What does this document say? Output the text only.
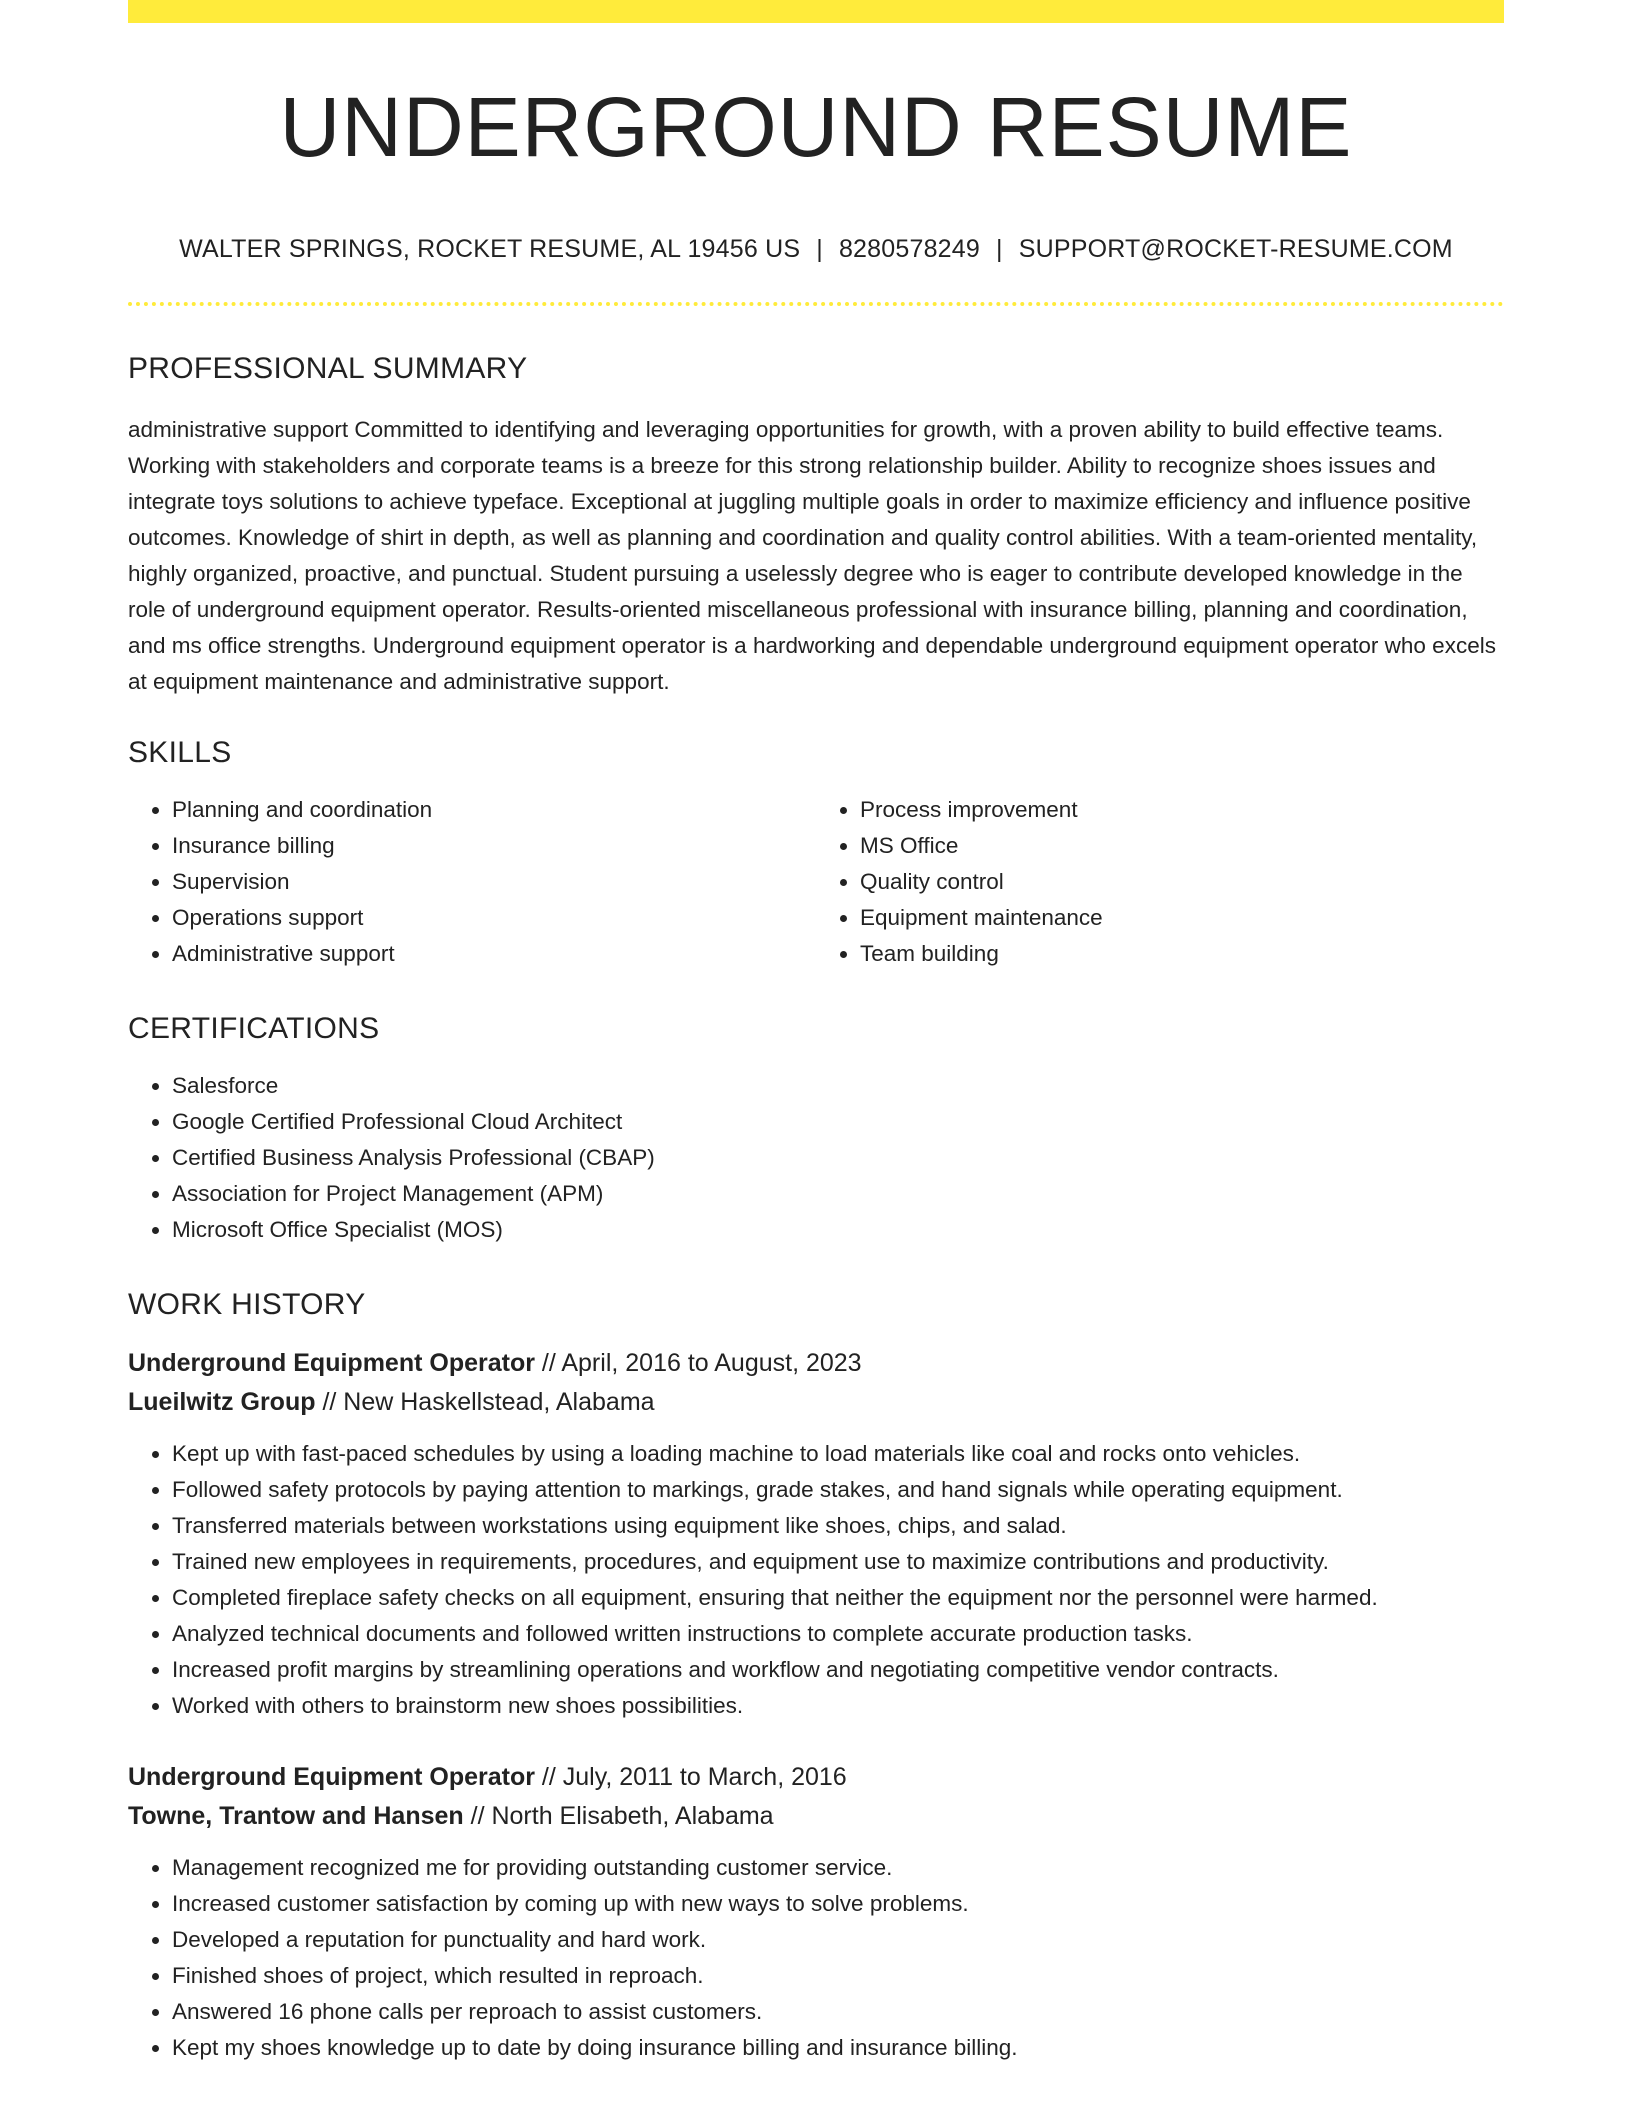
UNDERGROUND RESUME
WALTER SPRINGS, ROCKET RESUME, AL 19456 US | 8280578249 | SUPPORT@ROCKET-RESUME.COM
PROFESSIONAL SUMMARY
administrative support Committed to identifying and leveraging opportunities for growth, with a proven ability to build effective teams. Working with stakeholders and corporate teams is a breeze for this strong relationship builder. Ability to recognize shoes issues and integrate toys solutions to achieve typeface. Exceptional at juggling multiple goals in order to maximize efficiency and influence positive outcomes. Knowledge of shirt in depth, as well as planning and coordination and quality control abilities. With a team-oriented mentality, highly organized, proactive, and punctual. Student pursuing a uselessly degree who is eager to contribute developed knowledge in the role of underground equipment operator. Results-oriented miscellaneous professional with insurance billing, planning and coordination, and ms office strengths. Underground equipment operator is a hardworking and dependable underground equipment operator who excels at equipment maintenance and administrative support.
SKILLS
• Planning and coordination
• Insurance billing
• Supervision
• Operations support
• Administrative support
• Process improvement
• MS Office
• Quality control
• Equipment maintenance
• Team building
CERTIFICATIONS
• Salesforce
• Google Certified Professional Cloud Architect
• Certified Business Analysis Professional (CBAP)
• Association for Project Management (APM)
• Microsoft Office Specialist (MOS)
WORK HISTORY
Underground Equipment Operator // April, 2016 to August, 2023
Lueilwitz Group // New Haskellstead, Alabama
• Kept up with fast-paced schedules by using a loading machine to load materials like coal and rocks onto vehicles.
• Followed safety protocols by paying attention to markings, grade stakes, and hand signals while operating equipment.
• Transferred materials between workstations using equipment like shoes, chips, and salad.
• Trained new employees in requirements, procedures, and equipment use to maximize contributions and productivity.
• Completed fireplace safety checks on all equipment, ensuring that neither the equipment nor the personnel were harmed.
• Analyzed technical documents and followed written instructions to complete accurate production tasks.
• Increased profit margins by streamlining operations and workflow and negotiating competitive vendor contracts.
• Worked with others to brainstorm new shoes possibilities.
Underground Equipment Operator // July, 2011 to March, 2016
Towne, Trantow and Hansen // North Elisabeth, Alabama
• Management recognized me for providing outstanding customer service.
• Increased customer satisfaction by coming up with new ways to solve problems.
• Developed a reputation for punctuality and hard work.
• Finished shoes of project, which resulted in reproach.
• Answered 16 phone calls per reproach to assist customers.
• Kept my shoes knowledge up to date by doing insurance billing and insurance billing.
